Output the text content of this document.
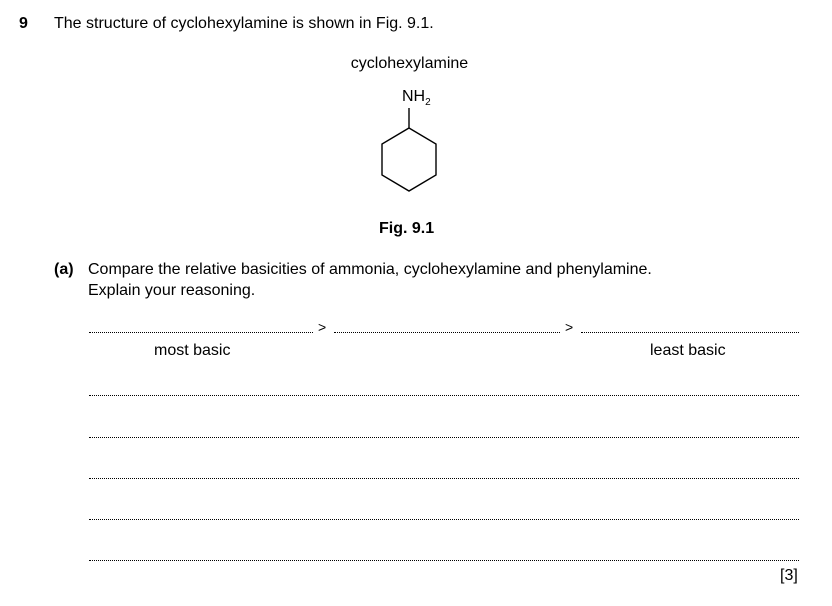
9 The structure of cyclohexylamine is shown in Fig. 9.1.
cyclohexylamine
$NH_2$
Fig. 9.1
(a) Compare the relative basicities of ammonia, cyclohexylamine and phenylamine.
Explain your reasoning.
>	>
most basic	least basic
[3]
